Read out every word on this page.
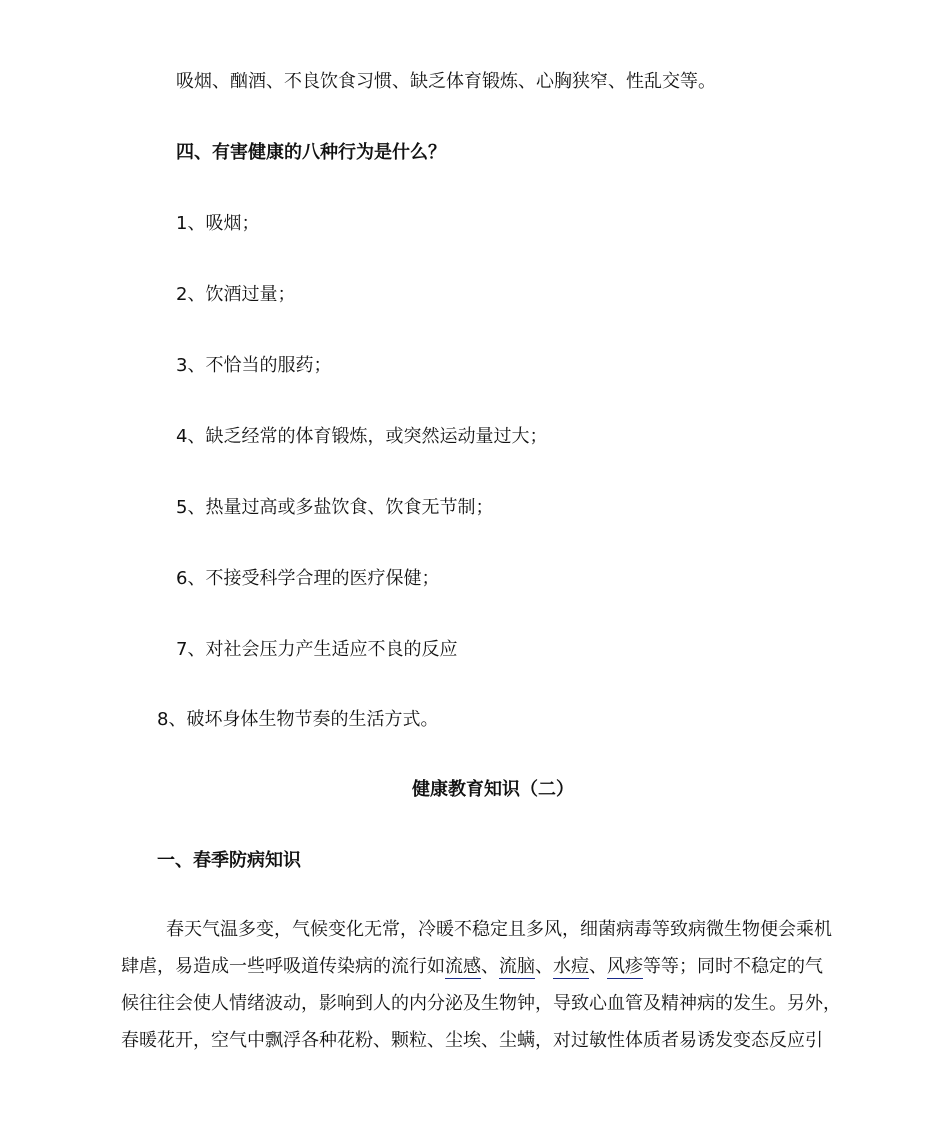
吸烟、酗酒、不良饮食习惯、缺乏体育锻炼、心胸狭窄、性乱交等。
四、有害健康的八种行为是什么？
1、吸烟；
2、饮酒过量；
3、不恰当的服药；
4、缺乏经常的体育锻炼，或突然运动量过大；
5、热量过高或多盐饮食、饮食无节制；
6、不接受科学合理的医疗保健；
7、对社会压力产生适应不良的反应
8、破坏身体生物节奏的生活方式。
健康教育知识（二）
一、春季防病知识
春天气温多变，气候变化无常，冷暖不稳定且多风，细菌病毒等致病微生物便会乘机
肆虐，易造成一些呼吸道传染病的流行如流感、流脑、水痘、风疹等等；同时不稳定的气
候往往会使人情绪波动，影响到人的内分泌及生物钟，导致心血管及精神病的发生。另外，
春暖花开，空气中飘浮各种花粉、颗粒、尘埃、尘螨，对过敏性体质者易诱发变态反应引
